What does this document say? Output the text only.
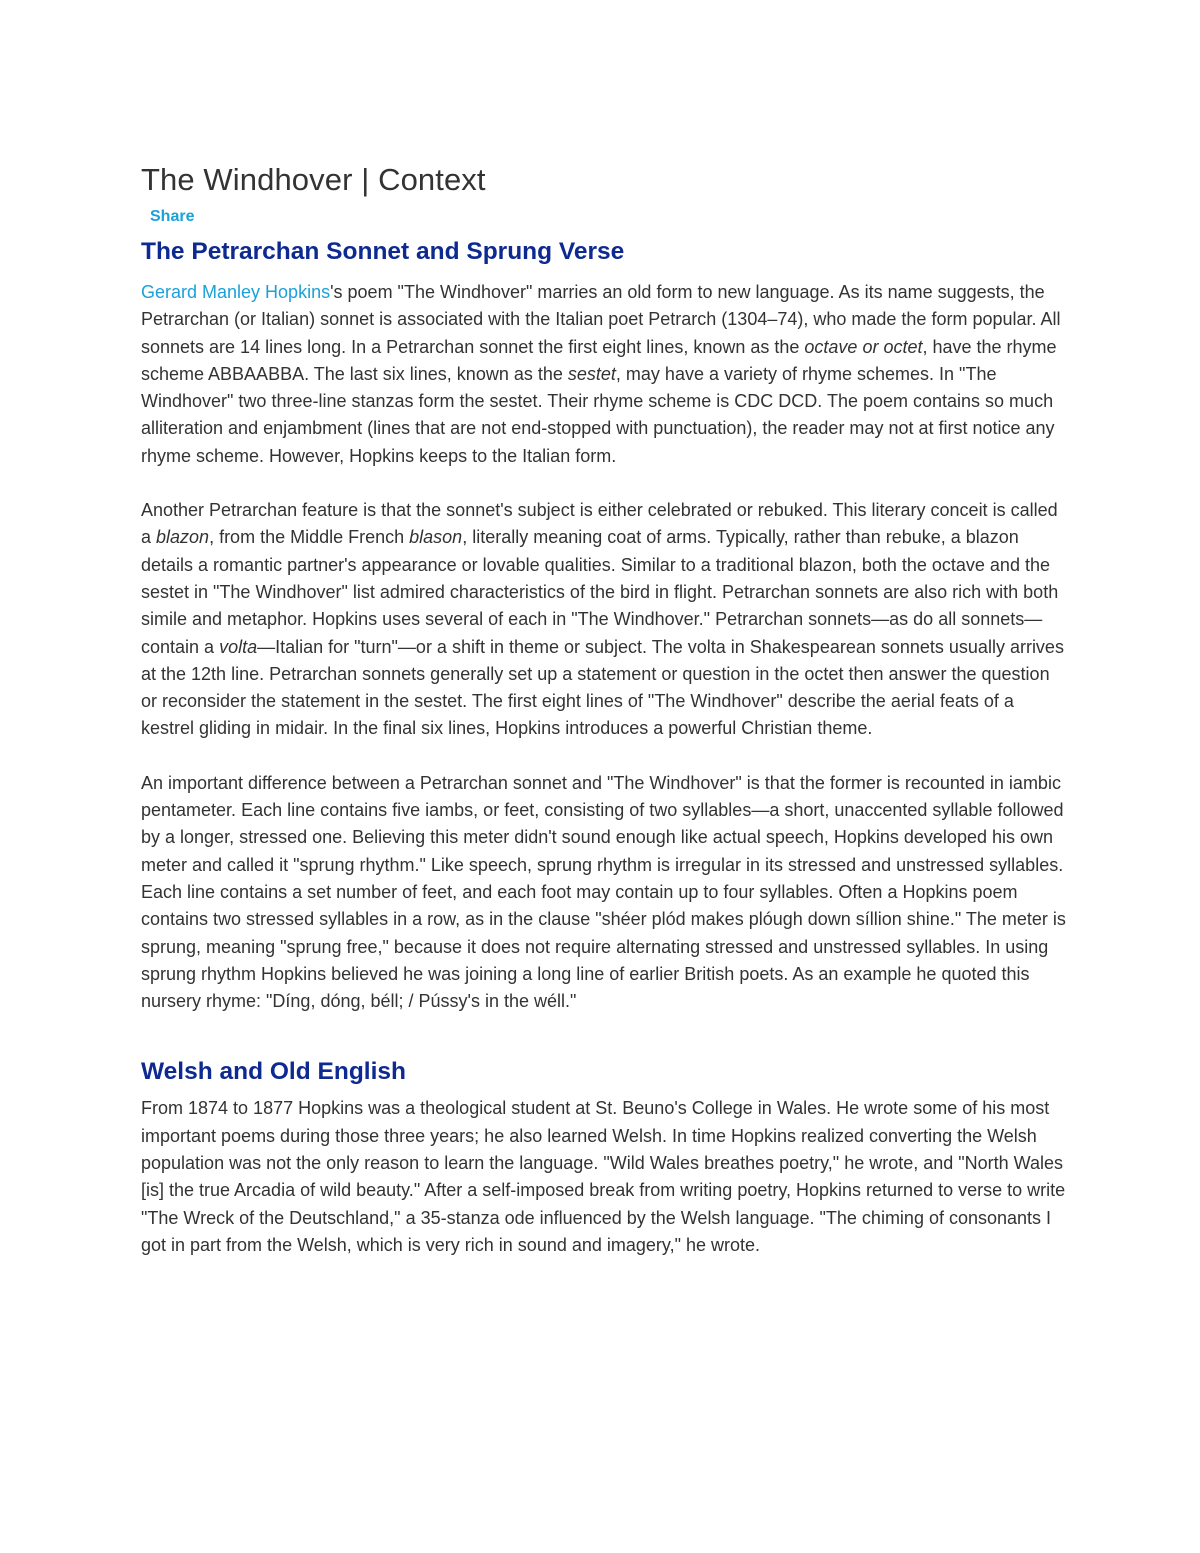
The Windhover | Context
Share
The Petrarchan Sonnet and Sprung Verse

Gerard Manley Hopkins's poem "The Windhover" marries an old form to new language. As its name suggests, the Petrarchan (or Italian) sonnet is associated with the Italian poet Petrarch (1304–74), who made the form popular. All sonnets are 14 lines long. In a Petrarchan sonnet the first eight lines, known as the octave or octet, have the rhyme scheme ABBAABBA. The last six lines, known as the sestet, may have a variety of rhyme schemes. In "The Windhover" two three-line stanzas form the sestet. Their rhyme scheme is CDC DCD. The poem contains so much alliteration and enjambment (lines that are not end-stopped with punctuation), the reader may not at first notice any rhyme scheme. However, Hopkins keeps to the Italian form.

Another Petrarchan feature is that the sonnet's subject is either celebrated or rebuked. This literary conceit is called a blazon, from the Middle French blason, literally meaning coat of arms. Typically, rather than rebuke, a blazon details a romantic partner's appearance or lovable qualities. Similar to a traditional blazon, both the octave and the sestet in "The Windhover" list admired characteristics of the bird in flight. Petrarchan sonnets are also rich with both simile and metaphor. Hopkins uses several of each in "The Windhover." Petrarchan sonnets—as do all sonnets—contain a volta—Italian for "turn"—or a shift in theme or subject. The volta in Shakespearean sonnets usually arrives at the 12th line. Petrarchan sonnets generally set up a statement or question in the octet then answer the question or reconsider the statement in the sestet. The first eight lines of "The Windhover" describe the aerial feats of a kestrel gliding in midair. In the final six lines, Hopkins introduces a powerful Christian theme.

An important difference between a Petrarchan sonnet and "The Windhover" is that the former is recounted in iambic pentameter. Each line contains five iambs, or feet, consisting of two syllables—a short, unaccented syllable followed by a longer, stressed one. Believing this meter didn't sound enough like actual speech, Hopkins developed his own meter and called it "sprung rhythm." Like speech, sprung rhythm is irregular in its stressed and unstressed syllables. Each line contains a set number of feet, and each foot may contain up to four syllables. Often a Hopkins poem contains two stressed syllables in a row, as in the clause "shéer plód makes plóugh down síllion shine." The meter is sprung, meaning "sprung free," because it does not require alternating stressed and unstressed syllables. In using sprung rhythm Hopkins believed he was joining a long line of earlier British poets. As an example he quoted this nursery rhyme: "Díng, dóng, béll; / Pússy's in the wéll."

Welsh and Old English

From 1874 to 1877 Hopkins was a theological student at St. Beuno's College in Wales. He wrote some of his most important poems during those three years; he also learned Welsh. In time Hopkins realized converting the Welsh population was not the only reason to learn the language. "Wild Wales breathes poetry," he wrote, and "North Wales [is] the true Arcadia of wild beauty." After a self-imposed break from writing poetry, Hopkins returned to verse to write "The Wreck of the Deutschland," a 35-stanza ode influenced by the Welsh language. "The chiming of consonants I got in part from the Welsh, which is very rich in sound and imagery," he wrote.
